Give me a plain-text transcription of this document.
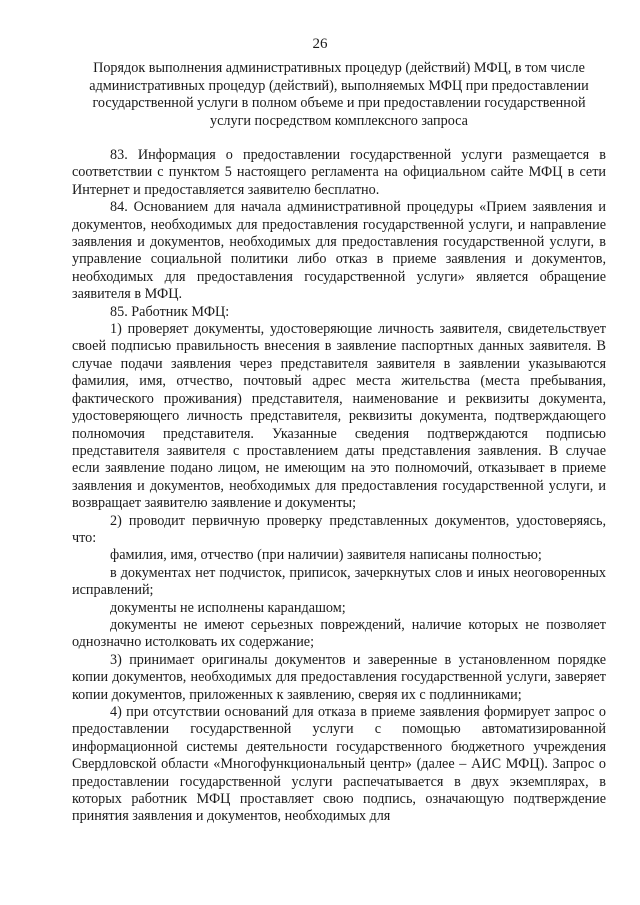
26
Порядок выполнения административных процедур (действий) МФЦ, в том числе административных процедур (действий), выполняемых МФЦ при предоставлении государственной услуги в полном объеме и при предоставлении государственной услуги посредством комплексного запроса

83. Информация о предоставлении государственной услуги размещается в соответствии с пунктом 5 настоящего регламента на официальном сайте МФЦ в сети Интернет и предоставляется заявителю бесплатно.

84. Основанием для начала административной процедуры «Прием заявления и документов, необходимых для предоставления государственной услуги, и направление заявления и документов, необходимых для предоставления государственной услуги, в управление социальной политики либо отказ в приеме заявления и документов, необходимых для предоставления государственной услуги» является обращение заявителя в МФЦ.

85. Работник МФЦ:

1) проверяет документы, удостоверяющие личность заявителя, свидетельствует своей подписью правильность внесения в заявление паспортных данных заявителя. В случае подачи заявления через представителя заявителя в заявлении указываются фамилия, имя, отчество, почтовый адрес места жительства (места пребывания, фактического проживания) представителя, наименование и реквизиты документа, удостоверяющего личность представителя, реквизиты документа, подтверждающего полномочия представителя. Указанные сведения подтверждаются подписью представителя заявителя с проставлением даты представления заявления. В случае если заявление подано лицом, не имеющим на это полномочий, отказывает в приеме заявления и документов, необходимых для предоставления государственной услуги, и возвращает заявителю заявление и документы;

2) проводит первичную проверку представленных документов, удостоверяясь, что:

фамилия, имя, отчество (при наличии) заявителя написаны полностью;

в документах нет подчисток, приписок, зачеркнутых слов и иных неоговоренных исправлений;

документы не исполнены карандашом;

документы не имеют серьезных повреждений, наличие которых не позволяет однозначно истолковать их содержание;

3) принимает оригиналы документов и заверенные в установленном порядке копии документов, необходимых для предоставления государственной услуги, заверяет копии документов, приложенных к заявлению, сверяя их с подлинниками;

4) при отсутствии оснований для отказа в приеме заявления формирует запрос о предоставлении государственной услуги с помощью автоматизированной информационной системы деятельности государственного бюджетного учреждения Свердловской области «Многофункциональный центр» (далее – АИС МФЦ). Запрос о предоставлении государственной услуги распечатывается в двух экземплярах, в которых работник МФЦ проставляет свою подпись, означающую подтверждение принятия заявления и документов, необходимых для
